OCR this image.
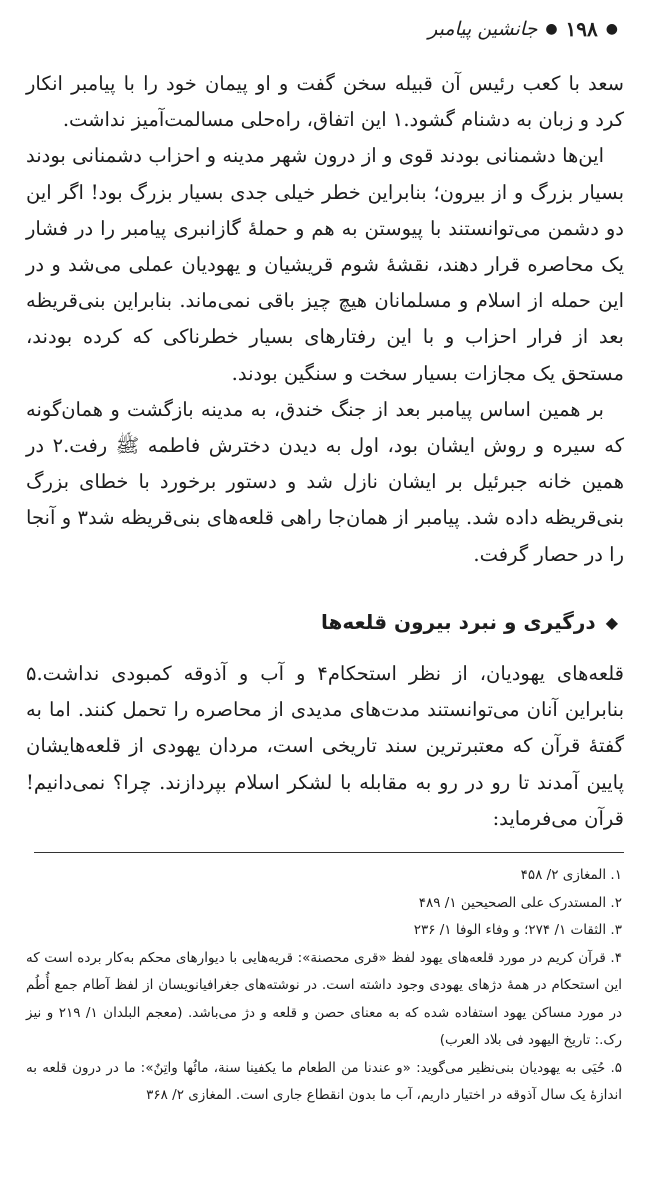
●
۱۹۸
●
جانشین پیامبر

سعد با کعب رئیس آن قبیله سخن گفت و او پیمان خود را با پیامبر انکار کرد و زبان به دشنام گشود.۱ این اتفاق، راه‌حلی مسالمت‌آمیز نداشت.

این‌ها دشمنانی بودند قوی و از درون شهر مدینه و احزاب دشمنانی بودند بسیار بزرگ و از بیرون؛ بنابراین خطر خیلی جدی بسیار بزرگ بود! اگر این دو دشمن می‌توانستند با پیوستن به هم و حملهٔ گازانبری پیامبر را در فشار یک محاصره قرار دهند، نقشهٔ شوم قریشیان و یهودیان عملی می‌شد و در این حمله از اسلام و مسلمانان هیچ چیز باقی نمی‌ماند. بنابراین بنی‌قریظه بعد از فرار احزاب و با این رفتارهای بسیار خطرناکی که کرده بودند، مستحق یک مجازات بسیار سخت و سنگین بودند.

بر همین اساس پیامبر بعد از جنگ خندق، به مدینه بازگشت و همان‌گونه که سیره و روش ایشان بود، اول به دیدن دخترش فاطمه ﷺ رفت.۲ در همین خانه جبرئیل بر ایشان نازل شد و دستور برخورد با خطای بزرگ بنی‌قریظه داده شد. پیامبر از همان‌جا راهی قلعه‌های بنی‌قریظه شد۳ و آنجا را در حصار گرفت.

◆
درگیری و نبرد بیرون قلعه‌ها

قلعه‌های یهودیان، از نظر استحکام۴ و آب و آذوقه کمبودی نداشت.۵ بنابراین آنان می‌توانستند مدت‌های مدیدی از محاصره را تحمل کنند. اما به گفتهٔ قرآن که معتبرترین سند تاریخی است، مردان یهودی از قلعه‌هایشان پایین آمدند تا رو در رو به مقابله با لشکر اسلام بپردازند. چرا؟ نمی‌دانیم! قرآن می‌فرماید:

۱. المغازی ۲/ ۴۵۸

۲. المستدرک علی الصحیحین ۱/ ۴۸۹

۳. الثقات ۱/ ۲۷۴؛ و وفاء الوفا ۱/ ۲۳۶

۴. قرآن کریم در مورد قلعه‌های یهود لفظ «قری محصنة»: قریه‌هایی با دیوارهای محکم به‌کار برده است که این استحکام در همهٔ دژهای یهودی وجود داشته است. در نوشته‌های جغرافیانویسان از لفظ آطام جمع أُطُم در مورد مساکن یهود استفاده شده که به معنای حصن و قلعه و دژ می‌باشد. (معجم البلدان ۱/ ۲۱۹ و نیز رک.: تاریخ الیهود فی بلاد العرب)

۵. حُیَی به یهودیان بنی‌نظیر می‌گوید: «و عندنا من الطعام ما یکفینا سنة، مائُها واتِنٌ»: ما در درون قلعه به اندازهٔ یک سال آذوقه در اختیار داریم، آب ما بدون انقطاع جاری است. المغازی ۲/ ۳۶۸
